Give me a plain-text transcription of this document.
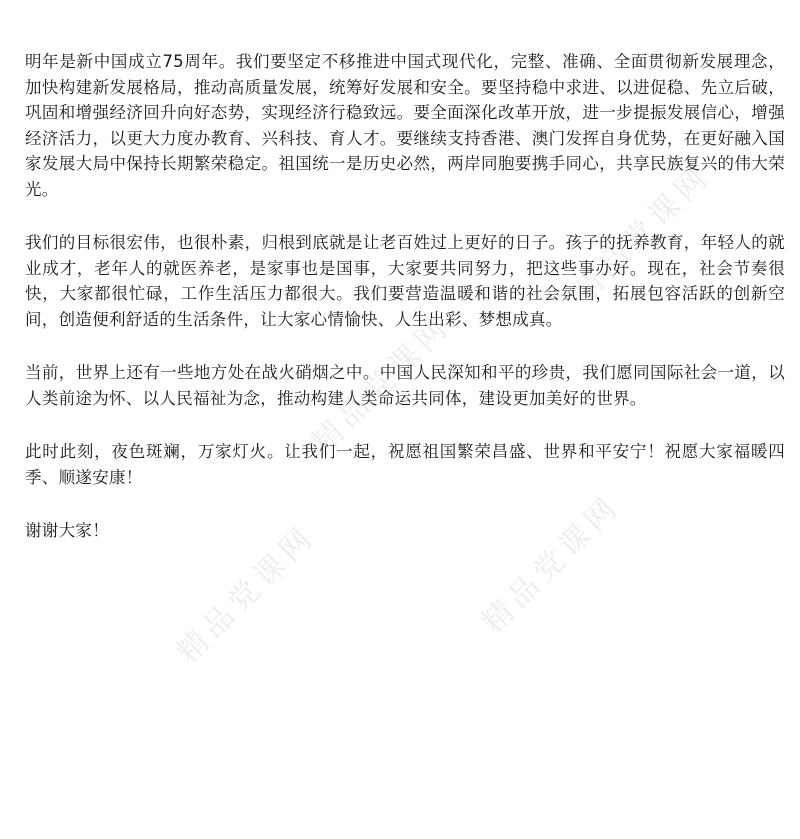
精品党课网	精品党课网
精品党课网
精品党课网

明年是新中国成立75周年。我们要坚定不移推进中国式现代化，完整、准确、全面贯彻新发展理念，加快构建新发展格局，推动高质量发展，统筹好发展和安全。要坚持稳中求进、以进促稳、先立后破，巩固和增强经济回升向好态势，实现经济行稳致远。要全面深化改革开放，进一步提振发展信心，增强经济活力，以更大力度办教育、兴科技、育人才。要继续支持香港、澳门发挥自身优势，在更好融入国家发展大局中保持长期繁荣稳定。祖国统一是历史必然，两岸同胞要携手同心，共享民族复兴的伟大荣光。

我们的目标很宏伟，也很朴素，归根到底就是让老百姓过上更好的日子。孩子的抚养教育，年轻人的就业成才，老年人的就医养老，是家事也是国事，大家要共同努力，把这些事办好。现在，社会节奏很快，大家都很忙碌，工作生活压力都很大。我们要营造温暖和谐的社会氛围，拓展包容活跃的创新空间，创造便利舒适的生活条件，让大家心情愉快、人生出彩、梦想成真。

当前，世界上还有一些地方处在战火硝烟之中。中国人民深知和平的珍贵，我们愿同国际社会一道，以人类前途为怀、以人民福祉为念，推动构建人类命运共同体，建设更加美好的世界。

此时此刻，夜色斑斓，万家灯火。让我们一起，祝愿祖国繁荣昌盛、世界和平安宁！祝愿大家福暖四季、顺遂安康！

谢谢大家！
